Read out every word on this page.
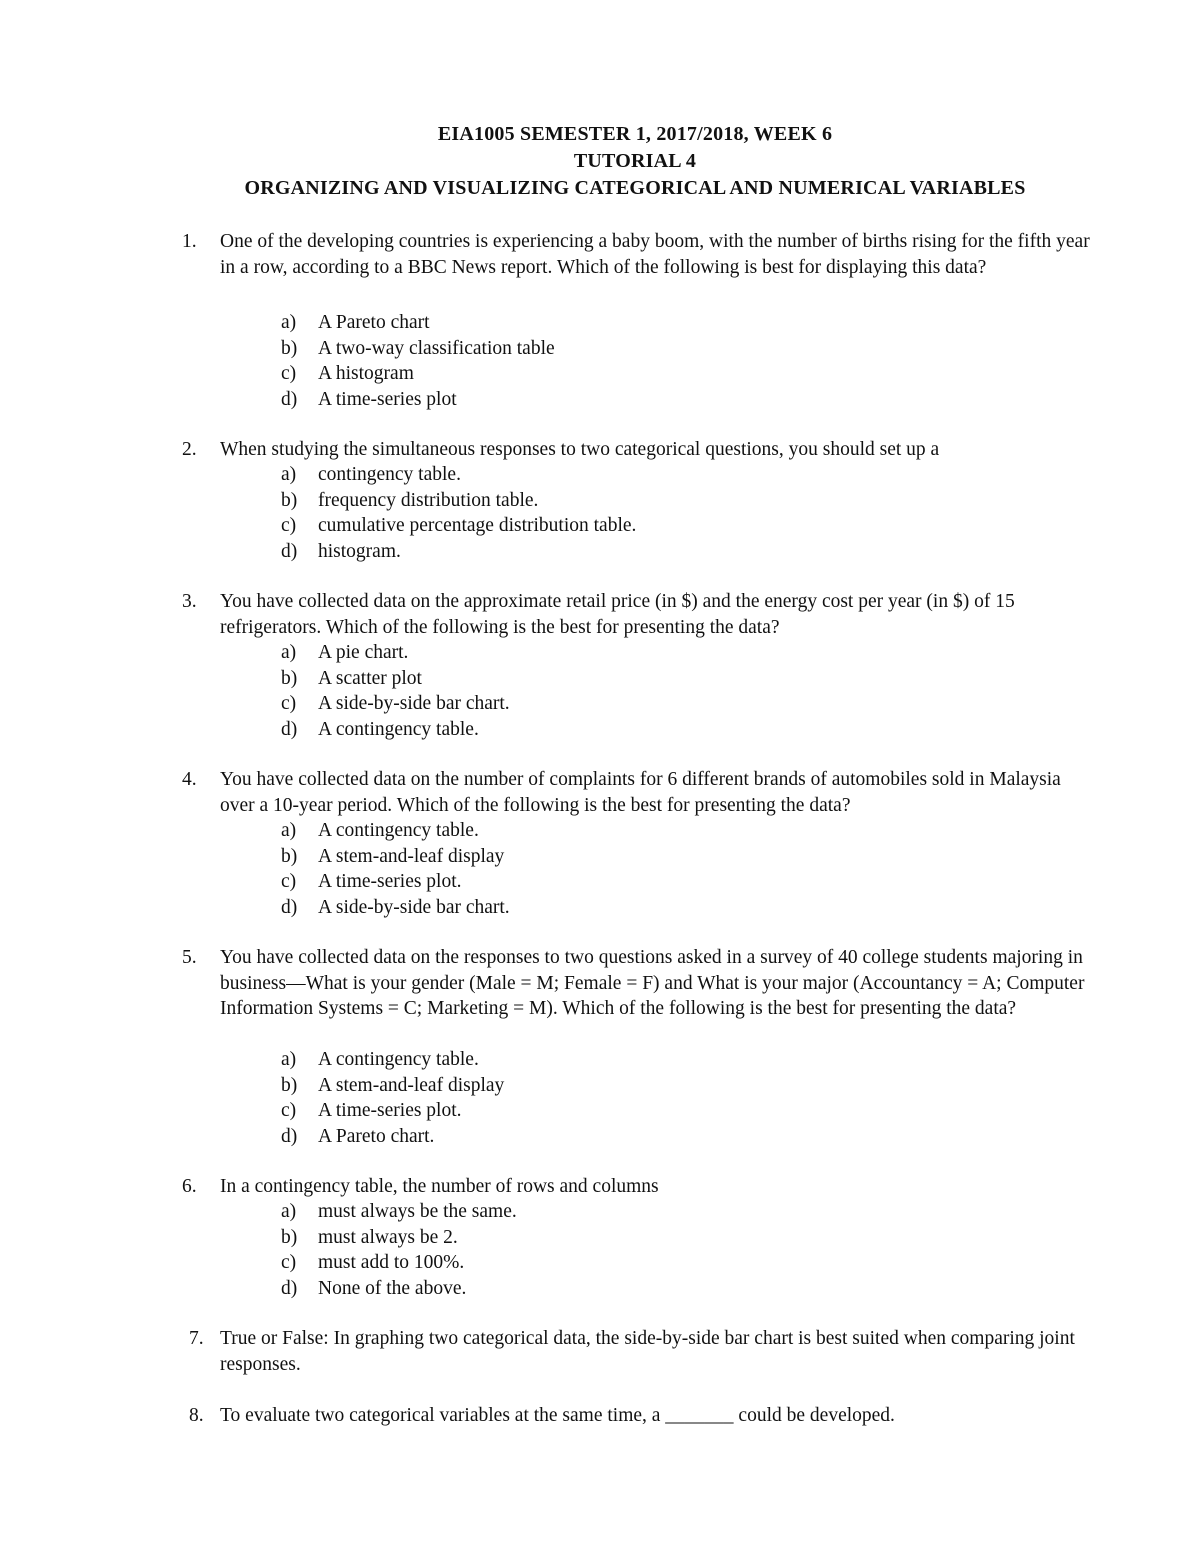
EIA1005 SEMESTER 1, 2017/2018, WEEK 6
TUTORIAL 4
ORGANIZING AND VISUALIZING CATEGORICAL AND NUMERICAL VARIABLES
1.	One of the developing countries is experiencing a baby boom, with the number of births rising for the fifth year in a row, according to a BBC News report. Which of the following is best for displaying this data?
a) A Pareto chart
b) A two-way classification table
c) A histogram
d) A time-series plot
2.	When studying the simultaneous responses to two categorical questions, you should set up a
a) contingency table.
b) frequency distribution table.
c) cumulative percentage distribution table.
d) histogram.
3.	You have collected data on the approximate retail price (in $) and the energy cost per year (in $) of 15 refrigerators. Which of the following is the best for presenting the data?
a) A pie chart.
b) A scatter plot
c) A side-by-side bar chart.
d) A contingency table.
4.	You have collected data on the number of complaints for 6 different brands of automobiles sold in Malaysia over a 10-year period. Which of the following is the best for presenting the data?
a) A contingency table.
b) A stem-and-leaf display
c) A time-series plot.
d) A side-by-side bar chart.
5.	You have collected data on the responses to two questions asked in a survey of 40 college students majoring in business—What is your gender (Male = M; Female = F) and What is your major (Accountancy = A; Computer Information Systems = C; Marketing = M). Which of the following is the best for presenting the data?
a) A contingency table.
b) A stem-and-leaf display
c) A time-series plot.
d) A Pareto chart.
6.	In a contingency table, the number of rows and columns
a) must always be the same.
b) must always be 2.
c) must add to 100%.
d) None of the above.
7. True or False: In graphing two categorical data, the side-by-side bar chart is best suited when comparing joint responses.
8. To evaluate two categorical variables at the same time, a _______ could be developed.
